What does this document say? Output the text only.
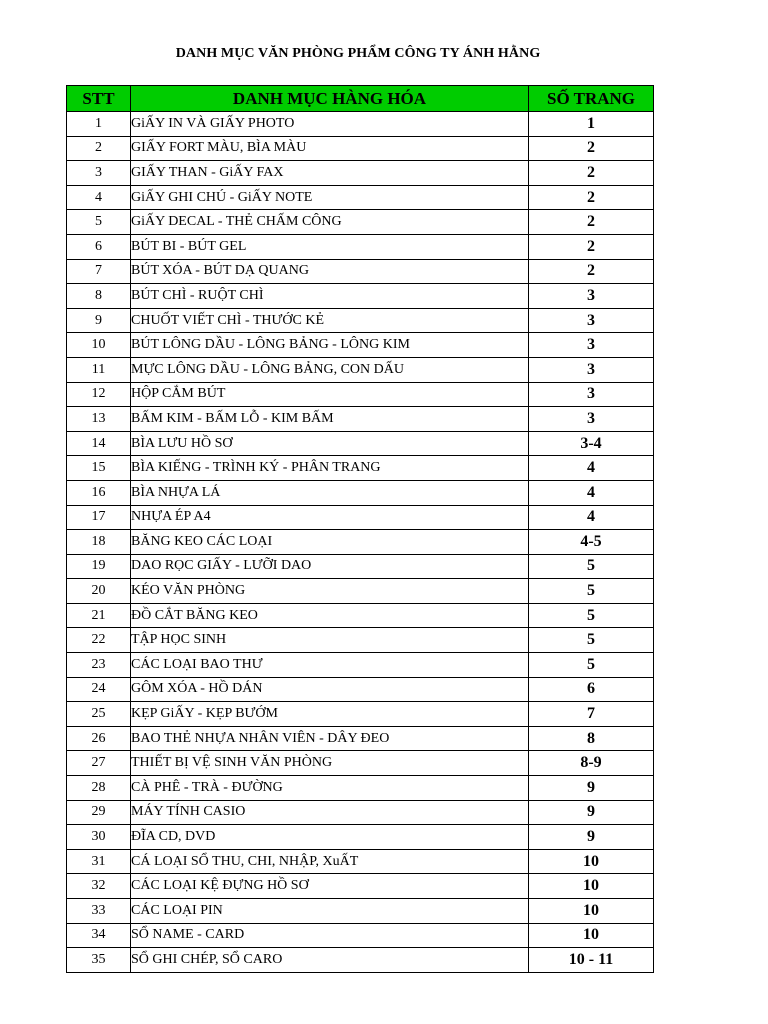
DANH MỤC VĂN PHÒNG PHẨM CÔNG TY ÁNH HẰNG
STT	DANH MỤC HÀNG HÓA	SỐ TRANG
1	GiẤY IN VÀ GIẤY PHOTO	1
2	GIẤY FORT MÀU, BÌA MÀU	2
3	GIẤY THAN - GiẤY FAX	2
4	GiẤY GHI CHÚ - GiẤY NOTE	2
5	GiẤY DECAL - THẺ CHẤM CÔNG	2
6	BÚT BI - BÚT GEL	2
7	BÚT XÓA - BÚT DẠ QUANG	2
8	BÚT CHÌ - RUỘT CHÌ	3
9	CHUỐT VIẾT CHÌ - THƯỚC KẺ	3
10	BÚT LÔNG DẦU - LÔNG BẢNG - LÔNG KIM	3
11	MỰC LÔNG DẦU - LÔNG BẢNG, CON DẤU	3
12	HỘP CẮM BÚT	3
13	BẤM KIM - BẤM LỖ - KIM BẤM	3
14	BÌA LƯU HỒ SƠ	3-4
15	BÌA KIẾNG - TRÌNH KÝ - PHÂN TRANG	4
16	BÌA NHỰA LÁ	4
17	NHỰA ÉP A4	4
18	BĂNG KEO CÁC LOẠI	4-5
19	DAO RỌC GIẤY - LƯỠI DAO	5
20	KÉO VĂN PHÒNG	5
21	ĐỒ CẮT BĂNG KEO	5
22	TẬP HỌC SINH	5
23	CÁC LOẠI BAO THƯ	5
24	GÔM XÓA - HỒ DÁN	6
25	KẸP GiẤY - KẸP BƯỚM	7
26	BAO THẺ NHỰA NHÂN VIÊN - DÂY ĐEO	8
27	THIẾT BỊ VỆ SINH VĂN PHÒNG	8-9
28	CÀ PHÊ - TRÀ - ĐƯỜNG	9
29	MÁY TÍNH CASIO	9
30	ĐĨA CD, DVD	9
31	CÁ LOẠI SỔ THU, CHI, NHẬP, XuẤT	10
32	CÁC LOẠI KỆ ĐỰNG HỒ SƠ	10
33	CÁC LOẠI PIN	10
34	SỔ NAME - CARD	10
35	SỔ GHI CHÉP, SỔ CARO	10 - 11
